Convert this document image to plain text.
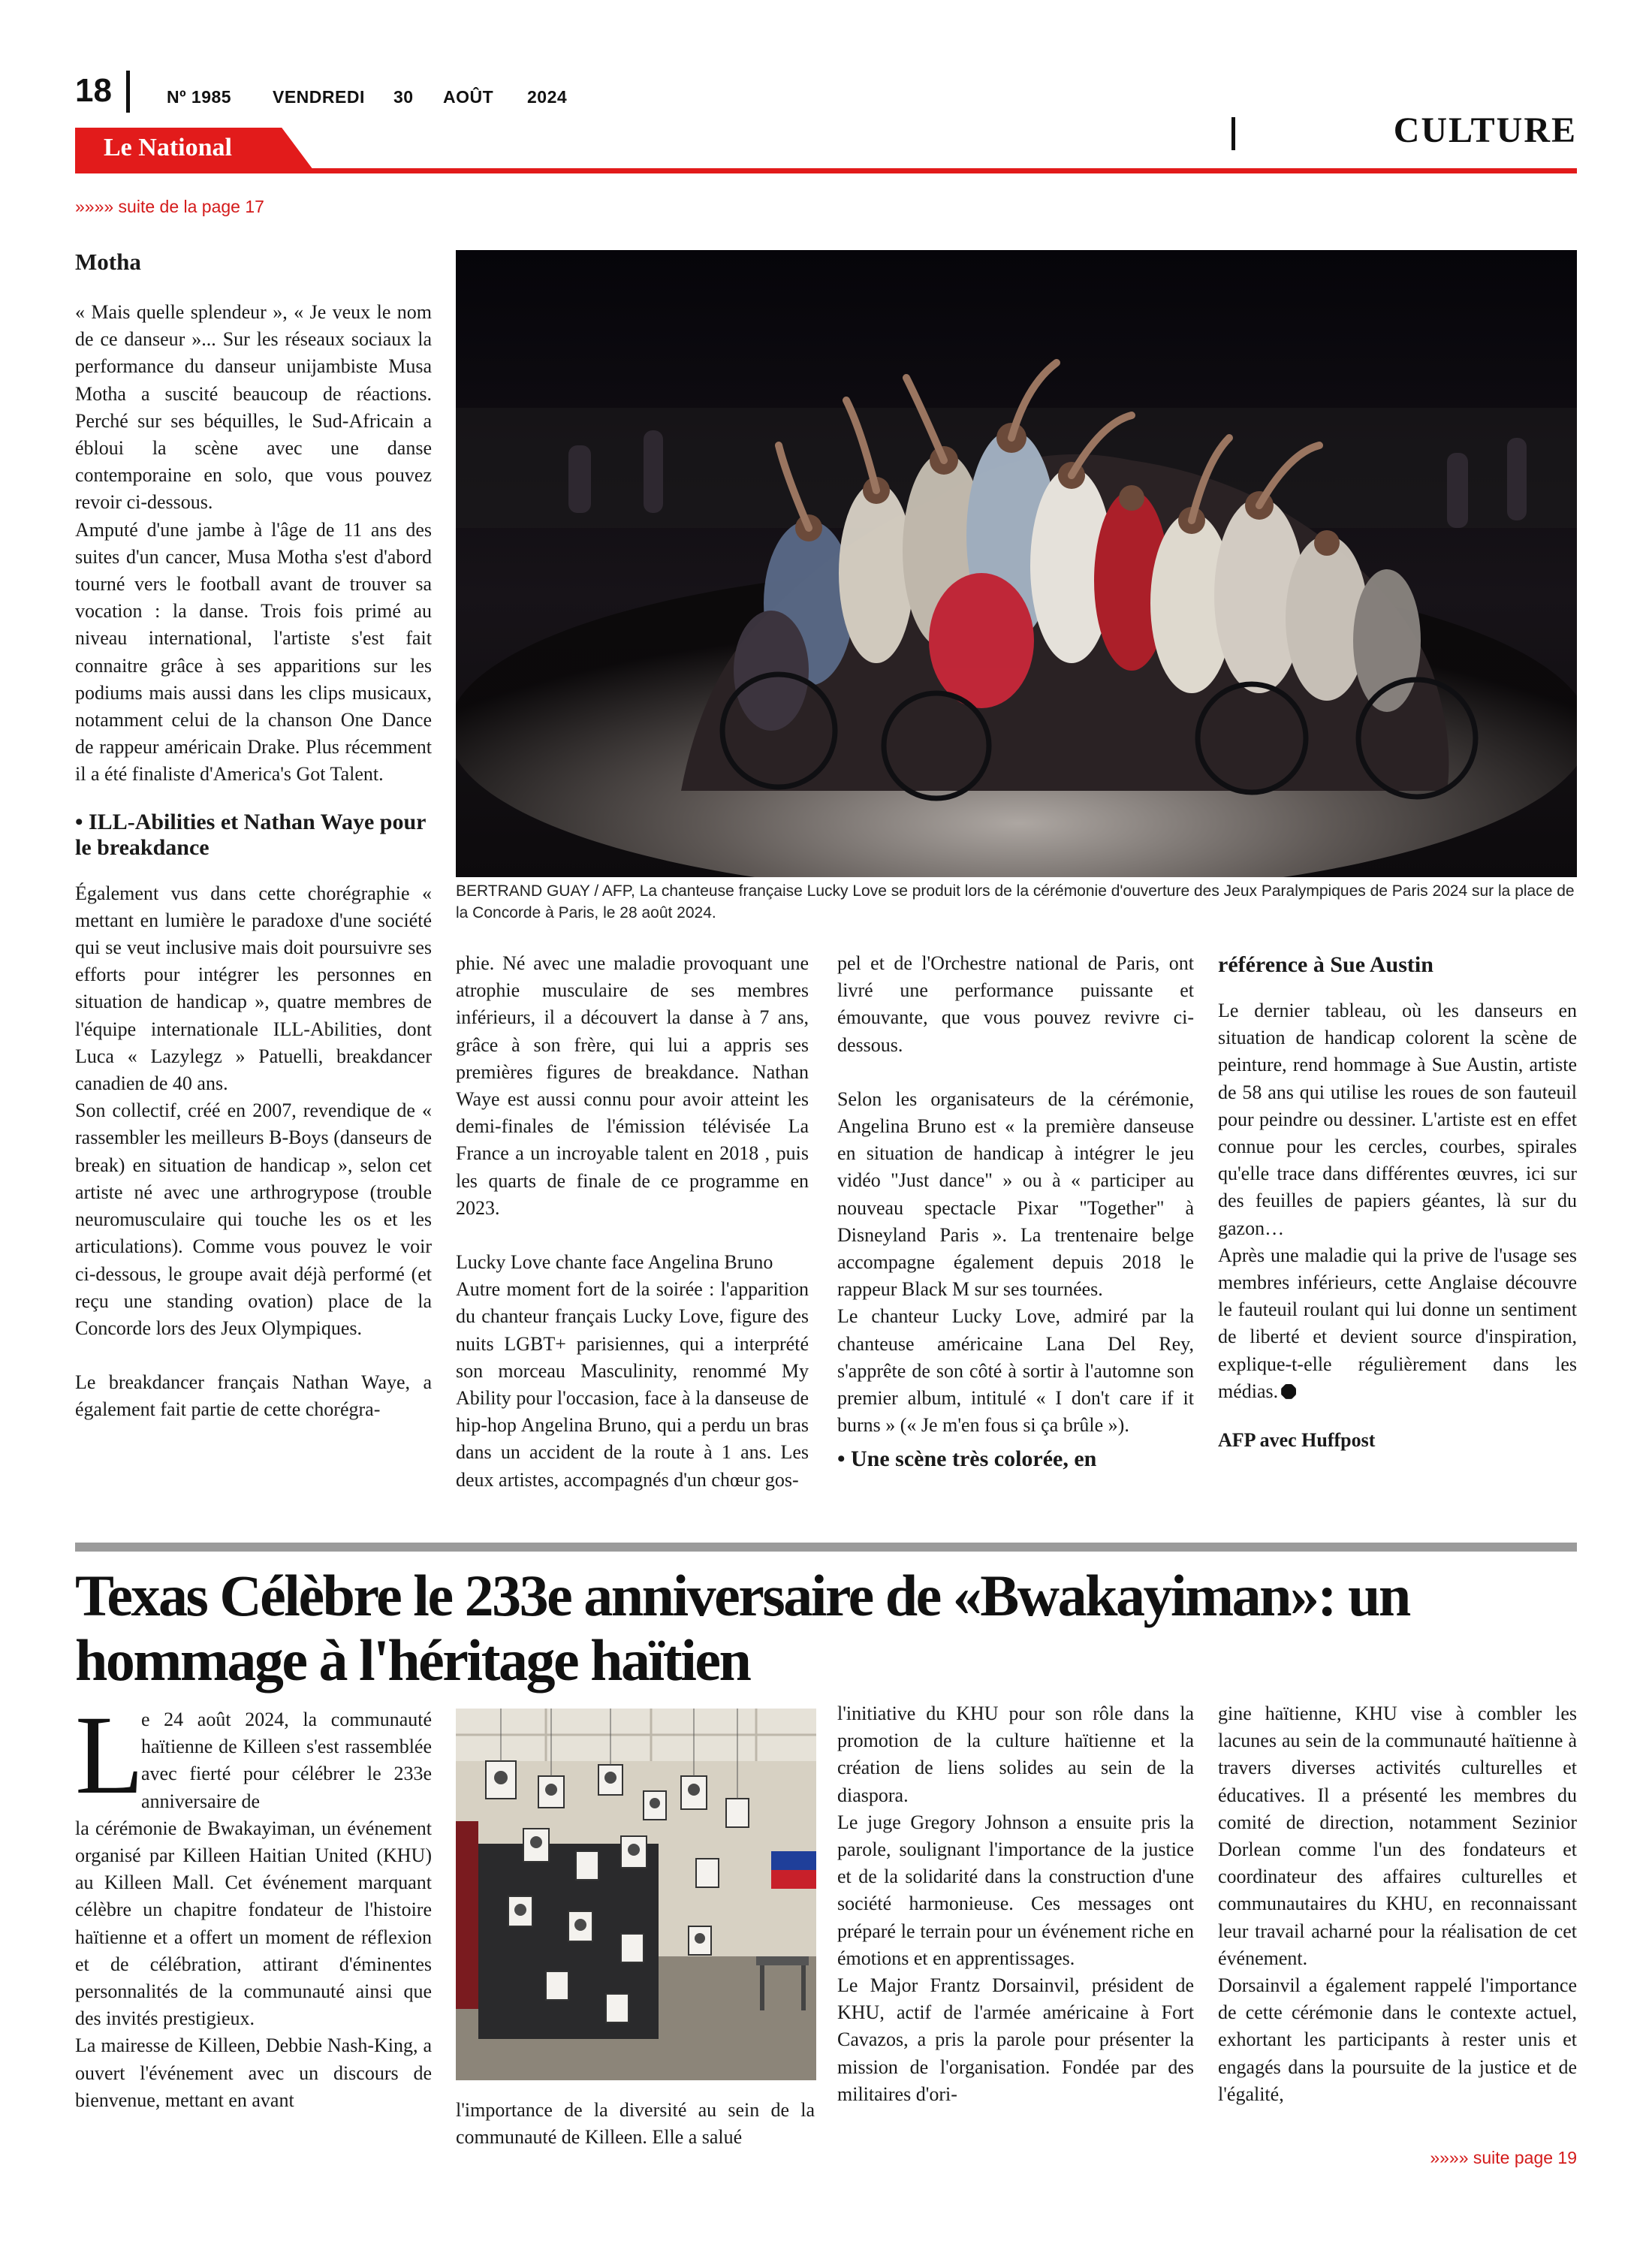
18	Nº 1985 VENDREDI 30 AOÛT 2024
Le National	CULTURE
»»»» suite de la page 17

Motha

« Mais quelle splendeur », « Je veux le nom de ce danseur »... Sur les réseaux sociaux la performance du danseur unijambiste Musa Motha a suscité beaucoup de réactions. Perché sur ses béquilles, le Sud-Africain a ébloui la scène avec une danse contemporaine en solo, que vous pouvez revoir ci-dessous.

Amputé d'une jambe à l'âge de 11 ans des suites d'un cancer, Musa Motha s'est d'abord tourné vers le football avant de trouver sa vocation : la danse. Trois fois primé au niveau international, l'artiste s'est fait connaitre grâce à ses apparitions sur les podiums mais aussi dans les clips musicaux, notamment celui de la chanson One Dance de rappeur américain Drake. Plus récemment il a été finaliste d'America's Got Talent.

• ILL-Abilities et Nathan Waye pour le breakdance

Également vus dans cette chorégraphie « mettant en lumière le paradoxe d'une société qui se veut inclusive mais doit poursuivre ses efforts pour intégrer les personnes en situation de handicap », quatre membres de l'équipe internationale ILL-Abilities, dont Luca « Lazylegz » Patuelli, breakdancer canadien de 40 ans.

Son collectif, créé en 2007, revendique de « rassembler les meilleurs B-Boys (danseurs de break) en situation de handicap », selon cet artiste né avec une arthrogrypose (trouble neuromusculaire qui touche les os et les articulations). Comme vous pouvez le voir ci-dessous, le groupe avait déjà performé (et reçu une standing ovation) place de la Concorde lors des Jeux Olympiques.

Le breakdancer français Nathan Waye, a également fait partie de cette chorégra-

BERTRAND GUAY / AFP, La chanteuse française Lucky Love se produit lors de la cérémonie d'ouverture des Jeux Paralympiques de Paris 2024 sur la place de la Concorde à Paris, le 28 août 2024.

phie. Né avec une maladie provoquant une atrophie musculaire de ses membres inférieurs, il a découvert la danse à 7 ans, grâce à son frère, qui lui a appris ses premières figures de breakdance. Nathan Waye est aussi connu pour avoir atteint les demi-finales de l'émission télévisée La France a un incroyable talent en 2018 , puis les quarts de finale de ce programme en 2023.

Lucky Love chante face Angelina Bruno

Autre moment fort de la soirée : l'apparition du chanteur français Lucky Love, figure des nuits LGBT+ parisiennes, qui a interprété son morceau Masculinity, renommé My Ability pour l'occasion, face à la danseuse de hip-hop Angelina Bruno, qui a perdu un bras dans un accident de la route à 1 ans. Les deux artistes, accompagnés d'un chœur gos-

pel et de l'Orchestre national de Paris, ont livré une performance puissante et émouvante, que vous pouvez revivre ci-dessous.

Selon les organisateurs de la cérémonie, Angelina Bruno est « la première danseuse en situation de handicap à intégrer le jeu vidéo "Just dance" » ou à « participer au nouveau spectacle Pixar "Together" à Disneyland Paris ». La trentenaire belge accompagne également depuis 2018 le rappeur Black M sur ses tournées.

Le chanteur Lucky Love, admiré par la chanteuse américaine Lana Del Rey, s'apprête de son côté à sortir à l'automne son premier album, intitulé « I don't care if it burns » (« Je m'en fous si ça brûle »).

• Une scène très colorée, en

référence à Sue Austin

Le dernier tableau, où les danseurs en situation de handicap colorent la scène de peinture, rend hommage à Sue Austin, artiste de 58 ans qui utilise les roues de son fauteuil pour peindre ou dessiner. L'artiste est en effet connue pour les cercles, courbes, spirales qu'elle trace dans différentes œuvres, ici sur des feuilles de papiers géantes, là sur du gazon…

Après une maladie qui la prive de l'usage ses membres inférieurs, cette Anglaise découvre le fauteuil roulant qui lui donne un sentiment de liberté et devient source d'inspiration, explique-t-elle régulièrement dans les médias.

AFP avec Huffpost

Texas Célèbre le 233e anniversaire de «Bwakayiman»: un
hommage à l'héritage haïtien
L

e 24 août 2024, la communauté haïtienne de Killeen s'est rassemblée avec fierté pour célébrer le 233e anniversaire de

la cérémonie de Bwakayiman, un événement organisé par Killeen Haitian United (KHU) au Killeen Mall. Cet événement marquant célèbre un chapitre fondateur de l'histoire haïtienne et a offert un moment de réflexion et de célébration, attirant d'éminentes personnalités de la communauté ainsi que des invités prestigieux.

La mairesse de Killeen, Debbie Nash-King, a ouvert l'événement avec un discours de bienvenue, mettant en avant	l'importance de la diversité au sein de la communauté de Killeen. Elle a salué

l'initiative du KHU pour son rôle dans la promotion de la culture haïtienne et la création de liens solides au sein de la diaspora.

Le juge Gregory Johnson a ensuite pris la parole, soulignant l'importance de la justice et de la solidarité dans la construction d'une société harmonieuse. Ces messages ont préparé le terrain pour un événement riche en émotions et en apprentissages.

Le Major Frantz Dorsainvil, président de KHU, actif de l'armée américaine à Fort Cavazos, a pris la parole pour présenter la mission de l'organisation. Fondée par des militaires d'ori-

gine haïtienne, KHU vise à combler les lacunes au sein de la communauté haïtienne à travers diverses activités culturelles et éducatives. Il a présenté les membres du comité de direction, notamment Sezinior Dorlean comme l'un des fondateurs et coordinateur des affaires culturelles et communautaires du KHU, en reconnaissant leur travail acharné pour la réalisation de cet événement.

Dorsainvil a également rappelé l'importance de cette cérémonie dans le contexte actuel, exhortant les participants à rester unis et engagés dans la poursuite de la justice et de l'égalité,

»»»» suite page 19
